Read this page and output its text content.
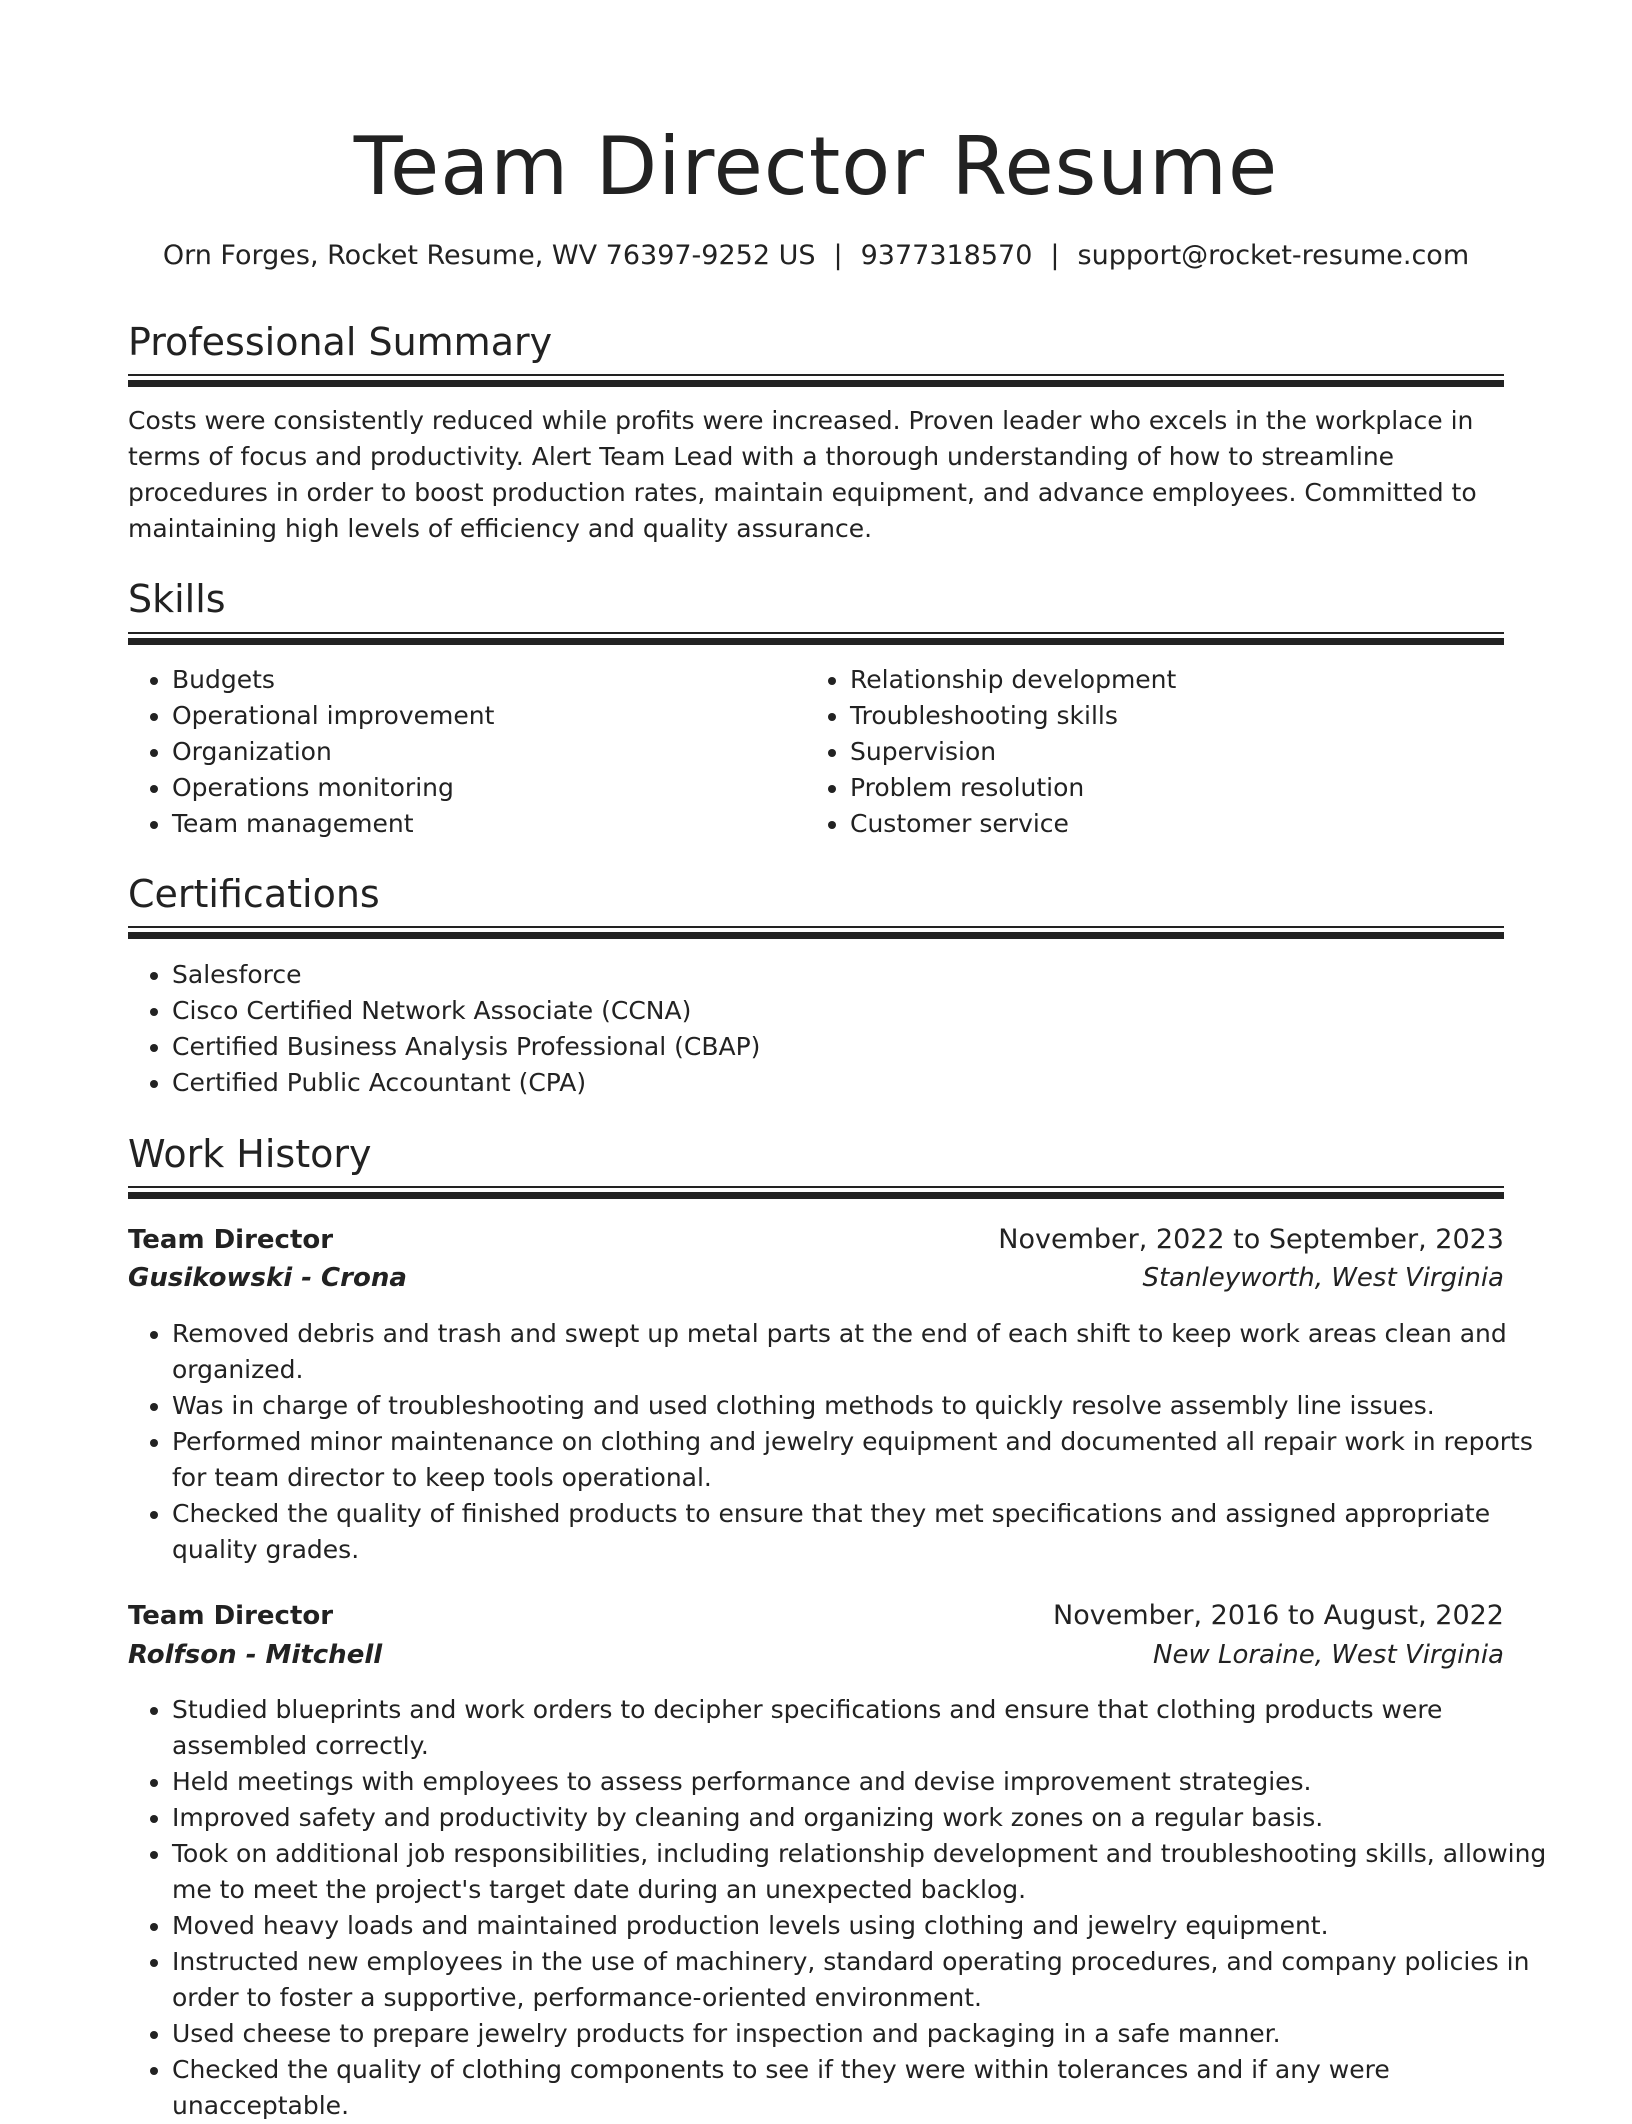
Team Director Resume
Orn Forges, Rocket Resume, WV 76397-9252 US | 9377318570 | support@rocket-resume.com
Professional Summary
Costs were consistently reduced while profits were increased. Proven leader who excels in the workplace in terms of focus and productivity. Alert Team Lead with a thorough understanding of how to streamline procedures in order to boost production rates, maintain equipment, and advance employees. Committed to maintaining high levels of efficiency and quality assurance.
Skills
• Budgets
• Operational improvement
• Organization
• Operations monitoring
• Team management
• Relationship development
• Troubleshooting skills
• Supervision
• Problem resolution
• Customer service
Certifications
• Salesforce
• Cisco Certified Network Associate (CCNA)
• Certified Business Analysis Professional (CBAP)
• Certified Public Accountant (CPA)
Work History
Team Director	November, 2022 to September, 2023
Gusikowski - Crona	Stanleyworth, West Virginia
• Removed debris and trash and swept up metal parts at the end of each shift to keep work areas clean and organized.
• Was in charge of troubleshooting and used clothing methods to quickly resolve assembly line issues.
• Performed minor maintenance on clothing and jewelry equipment and documented all repair work in reports for team director to keep tools operational.
• Checked the quality of finished products to ensure that they met specifications and assigned appropriate quality grades.
Team Director	November, 2016 to August, 2022
Rolfson - Mitchell	New Loraine, West Virginia
• Studied blueprints and work orders to decipher specifications and ensure that clothing products were assembled correctly.
• Held meetings with employees to assess performance and devise improvement strategies.
• Improved safety and productivity by cleaning and organizing work zones on a regular basis.
• Took on additional job responsibilities, including relationship development and troubleshooting skills, allowing me to meet the project's target date during an unexpected backlog.
• Moved heavy loads and maintained production levels using clothing and jewelry equipment.
• Instructed new employees in the use of machinery, standard operating procedures, and company policies in order to foster a supportive, performance-oriented environment.
• Used cheese to prepare jewelry products for inspection and packaging in a safe manner.
• Checked the quality of clothing components to see if they were within tolerances and if any were unacceptable.
